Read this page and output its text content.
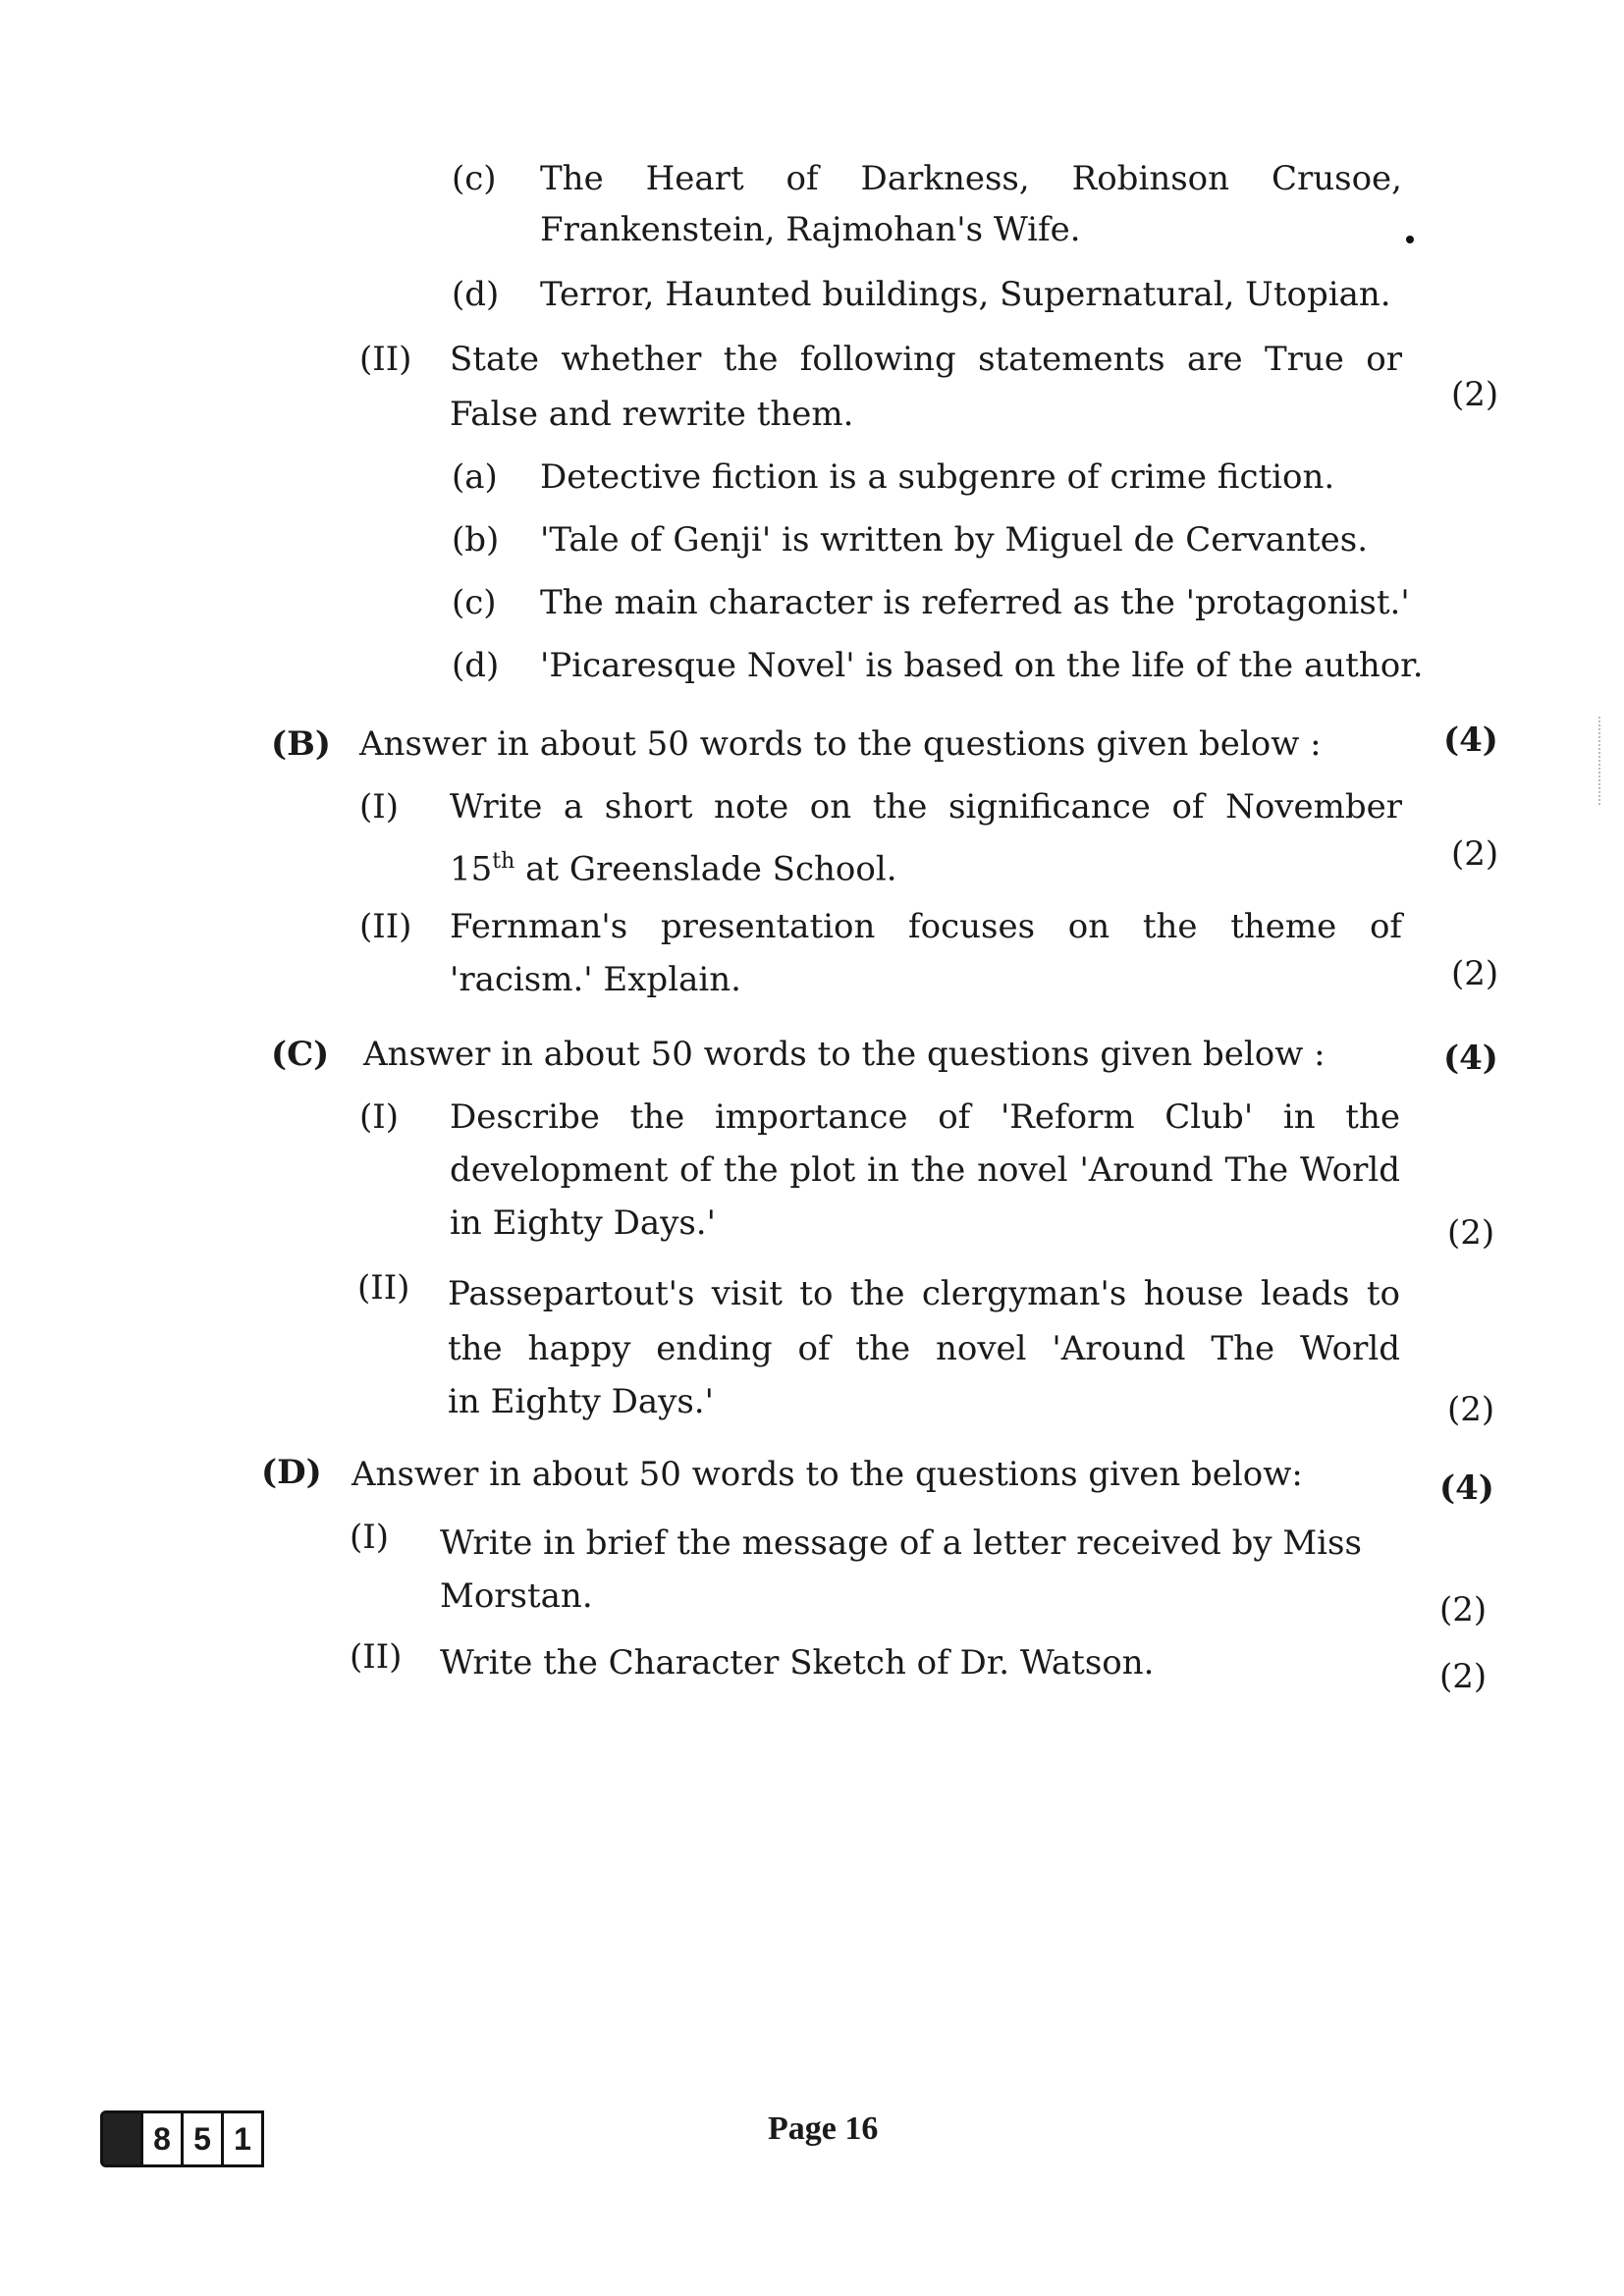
(c) The Heart of Darkness, Robinson Crusoe,
Frankenstein, Rajmohan's Wife.
(d) Terror, Haunted buildings, Supernatural, Utopian.
(II) State whether the following statements are True or
False and rewrite them.	(2)
(a) Detective fiction is a subgenre of crime fiction.
(b) 'Tale of Genji' is written by Miguel de Cervantes.
(c) The main character is referred as the 'protagonist.'
(d) 'Picaresque Novel' is based on the life of the author.
(B) Answer in about 50 words to the questions given below :	(4)
(I) Write a short note on the significance of November
15th at Greenslade School.	(2)
(II) Fernman's presentation focuses on the theme of
'racism.' Explain.	(2)
(C) Answer in about 50 words to the questions given below :	(4)
(I) Describe the importance of 'Reform Club' in the
development of the plot in the novel 'Around The World
in Eighty Days.'	(2)
(II) Passepartout's visit to the clergyman's house leads to
the happy ending of the novel 'Around The World
in Eighty Days.'	(2)
(D) Answer in about 50 words to the questions given below:	(4)
(I) Write in brief the message of a letter received by Miss
Morstan.	(2)
(II) Write the Character Sketch of Dr. Watson.	(2)
9 8 5 1	Page 16
